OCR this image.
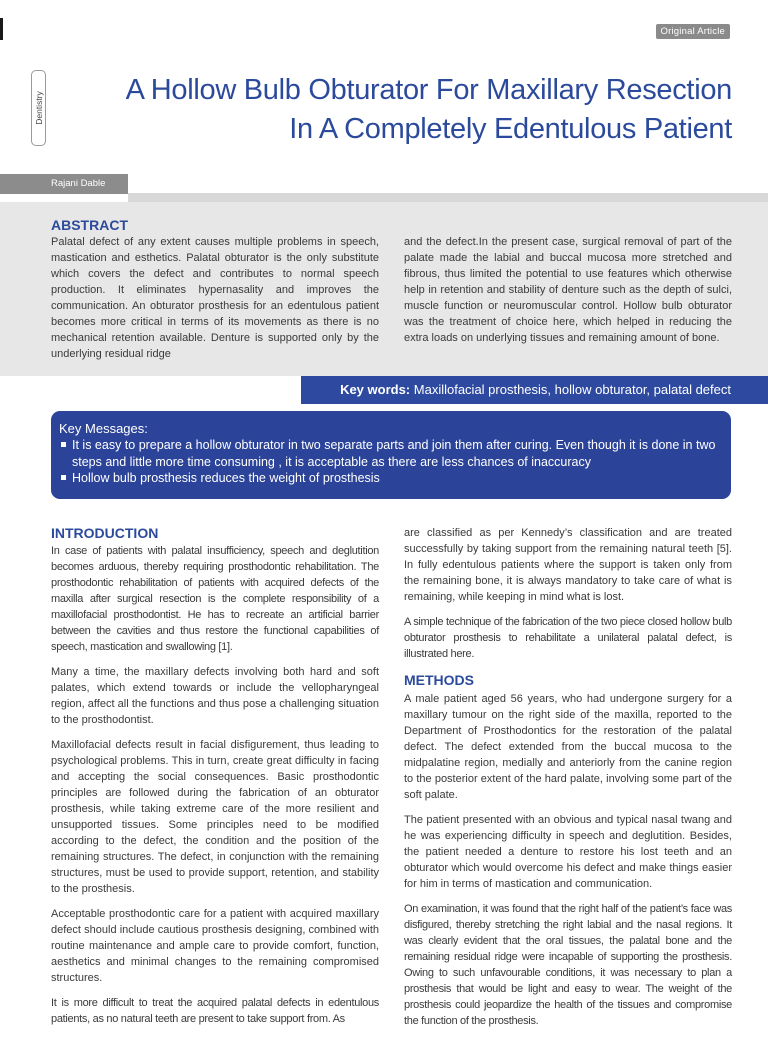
Original Article
Dentistry
A Hollow Bulb Obturator For Maxillary Resection
In A Completely Edentulous Patient
Rajani Dable
ABSTRACT
Palatal defect of any extent causes multiple problems in speech, mastication and esthetics. Palatal obturator is the only substitute which covers the defect and contributes to normal speech production. It eliminates hypernasality and improves the communication. An obturator prosthesis for an edentulous patient becomes more critical in terms of its movements as there is no mechanical retention available. Denture is supported only by the underlying residual ridge
and the defect.In the present case, surgical removal of part of the palate made the labial and buccal mucosa more stretched and fibrous, thus limited the potential to use features which otherwise help in retention and stability of denture such as the depth of sulci, muscle function or neuromuscular control. Hollow bulb obturator was the treatment of choice here, which helped in reducing the extra loads on underlying tissues and remaining amount of bone.
Key words: Maxillofacial prosthesis, hollow obturator, palatal defect
Key Messages:
It is easy to prepare a hollow obturator in two separate parts and join them after curing. Even though it is done in two steps and little more time consuming , it is acceptable as there are less chances of inaccuracy
Hollow bulb prosthesis reduces the weight of prosthesis
INTRODUCTION

In case of patients with palatal insufficiency, speech and deglutition becomes arduous, thereby requiring prosthodontic rehabilitation. The prosthodontic rehabilitation of patients with acquired defects of the maxilla after surgical resection is the complete responsibility of a maxillofacial prosthodontist. He has to recreate an artificial barrier between the cavities and thus restore the functional capabilities of speech, mastication and swallowing [1].

Many a time, the maxillary defects involving both hard and soft palates, which extend towards or include the vellopharyngeal region, affect all the functions and thus pose a challenging situation to the prosthodontist.

Maxillofacial defects result in facial disfigurement, thus leading to psychological problems. This in turn, create great difficulty in facing and accepting the social consequences. Basic prosthodontic principles are followed during the fabrication of an obturator prosthesis, while taking extreme care of the more resilient and unsupported tissues. Some principles need to be modified according to the defect, the condition and the position of the remaining structures. The defect, in conjunction with the remaining structures, must be used to provide support, retention, and stability to the prosthesis.

Acceptable prosthodontic care for a patient with acquired maxillary defect should include cautious prosthesis designing, combined with routine maintenance and ample care to provide comfort, function, aesthetics and minimal changes to the remaining compromised structures.

It is more difficult to treat the acquired palatal defects in edentulous patients, as no natural teeth are present to take support from. As

are classified as per Kennedy’s classification and are treated successfully by taking support from the remaining natural teeth [5]. In fully edentulous patients where the support is taken only from the remaining bone, it is always mandatory to take care of what is remaining, while keeping in mind what is lost.

A simple technique of the fabrication of the two piece closed hollow bulb obturator prosthesis to rehabilitate a unilateral palatal defect, is illustrated here.

METHODS

A male patient aged 56 years, who had undergone surgery for a maxillary tumour on the right side of the maxilla, reported to the Department of Prosthodontics for the restoration of the palatal defect. The defect extended from the buccal mucosa to the midpalatine region, medially and anteriorly from the canine region to the posterior extent of the hard palate, involving some part of the soft palate.

The patient presented with an obvious and typical nasal twang and he was experiencing difficulty in speech and deglutition. Besides, the patient needed a denture to restore his lost teeth and an obturator which would overcome his defect and make things easier for him in terms of mastication and communication.

On examination, it was found that the right half of the patient’s face was disfigured, thereby stretching the right labial and the nasal regions. It was clearly evident that the oral tissues, the palatal bone and the remaining residual ridge were incapable of supporting the prosthesis. Owing to such unfavourable conditions, it was necessary to plan a prosthesis that would be light and easy to wear. The weight of the prosthesis could jeopardize the health of the tissues and compromise the function of the prosthesis.
